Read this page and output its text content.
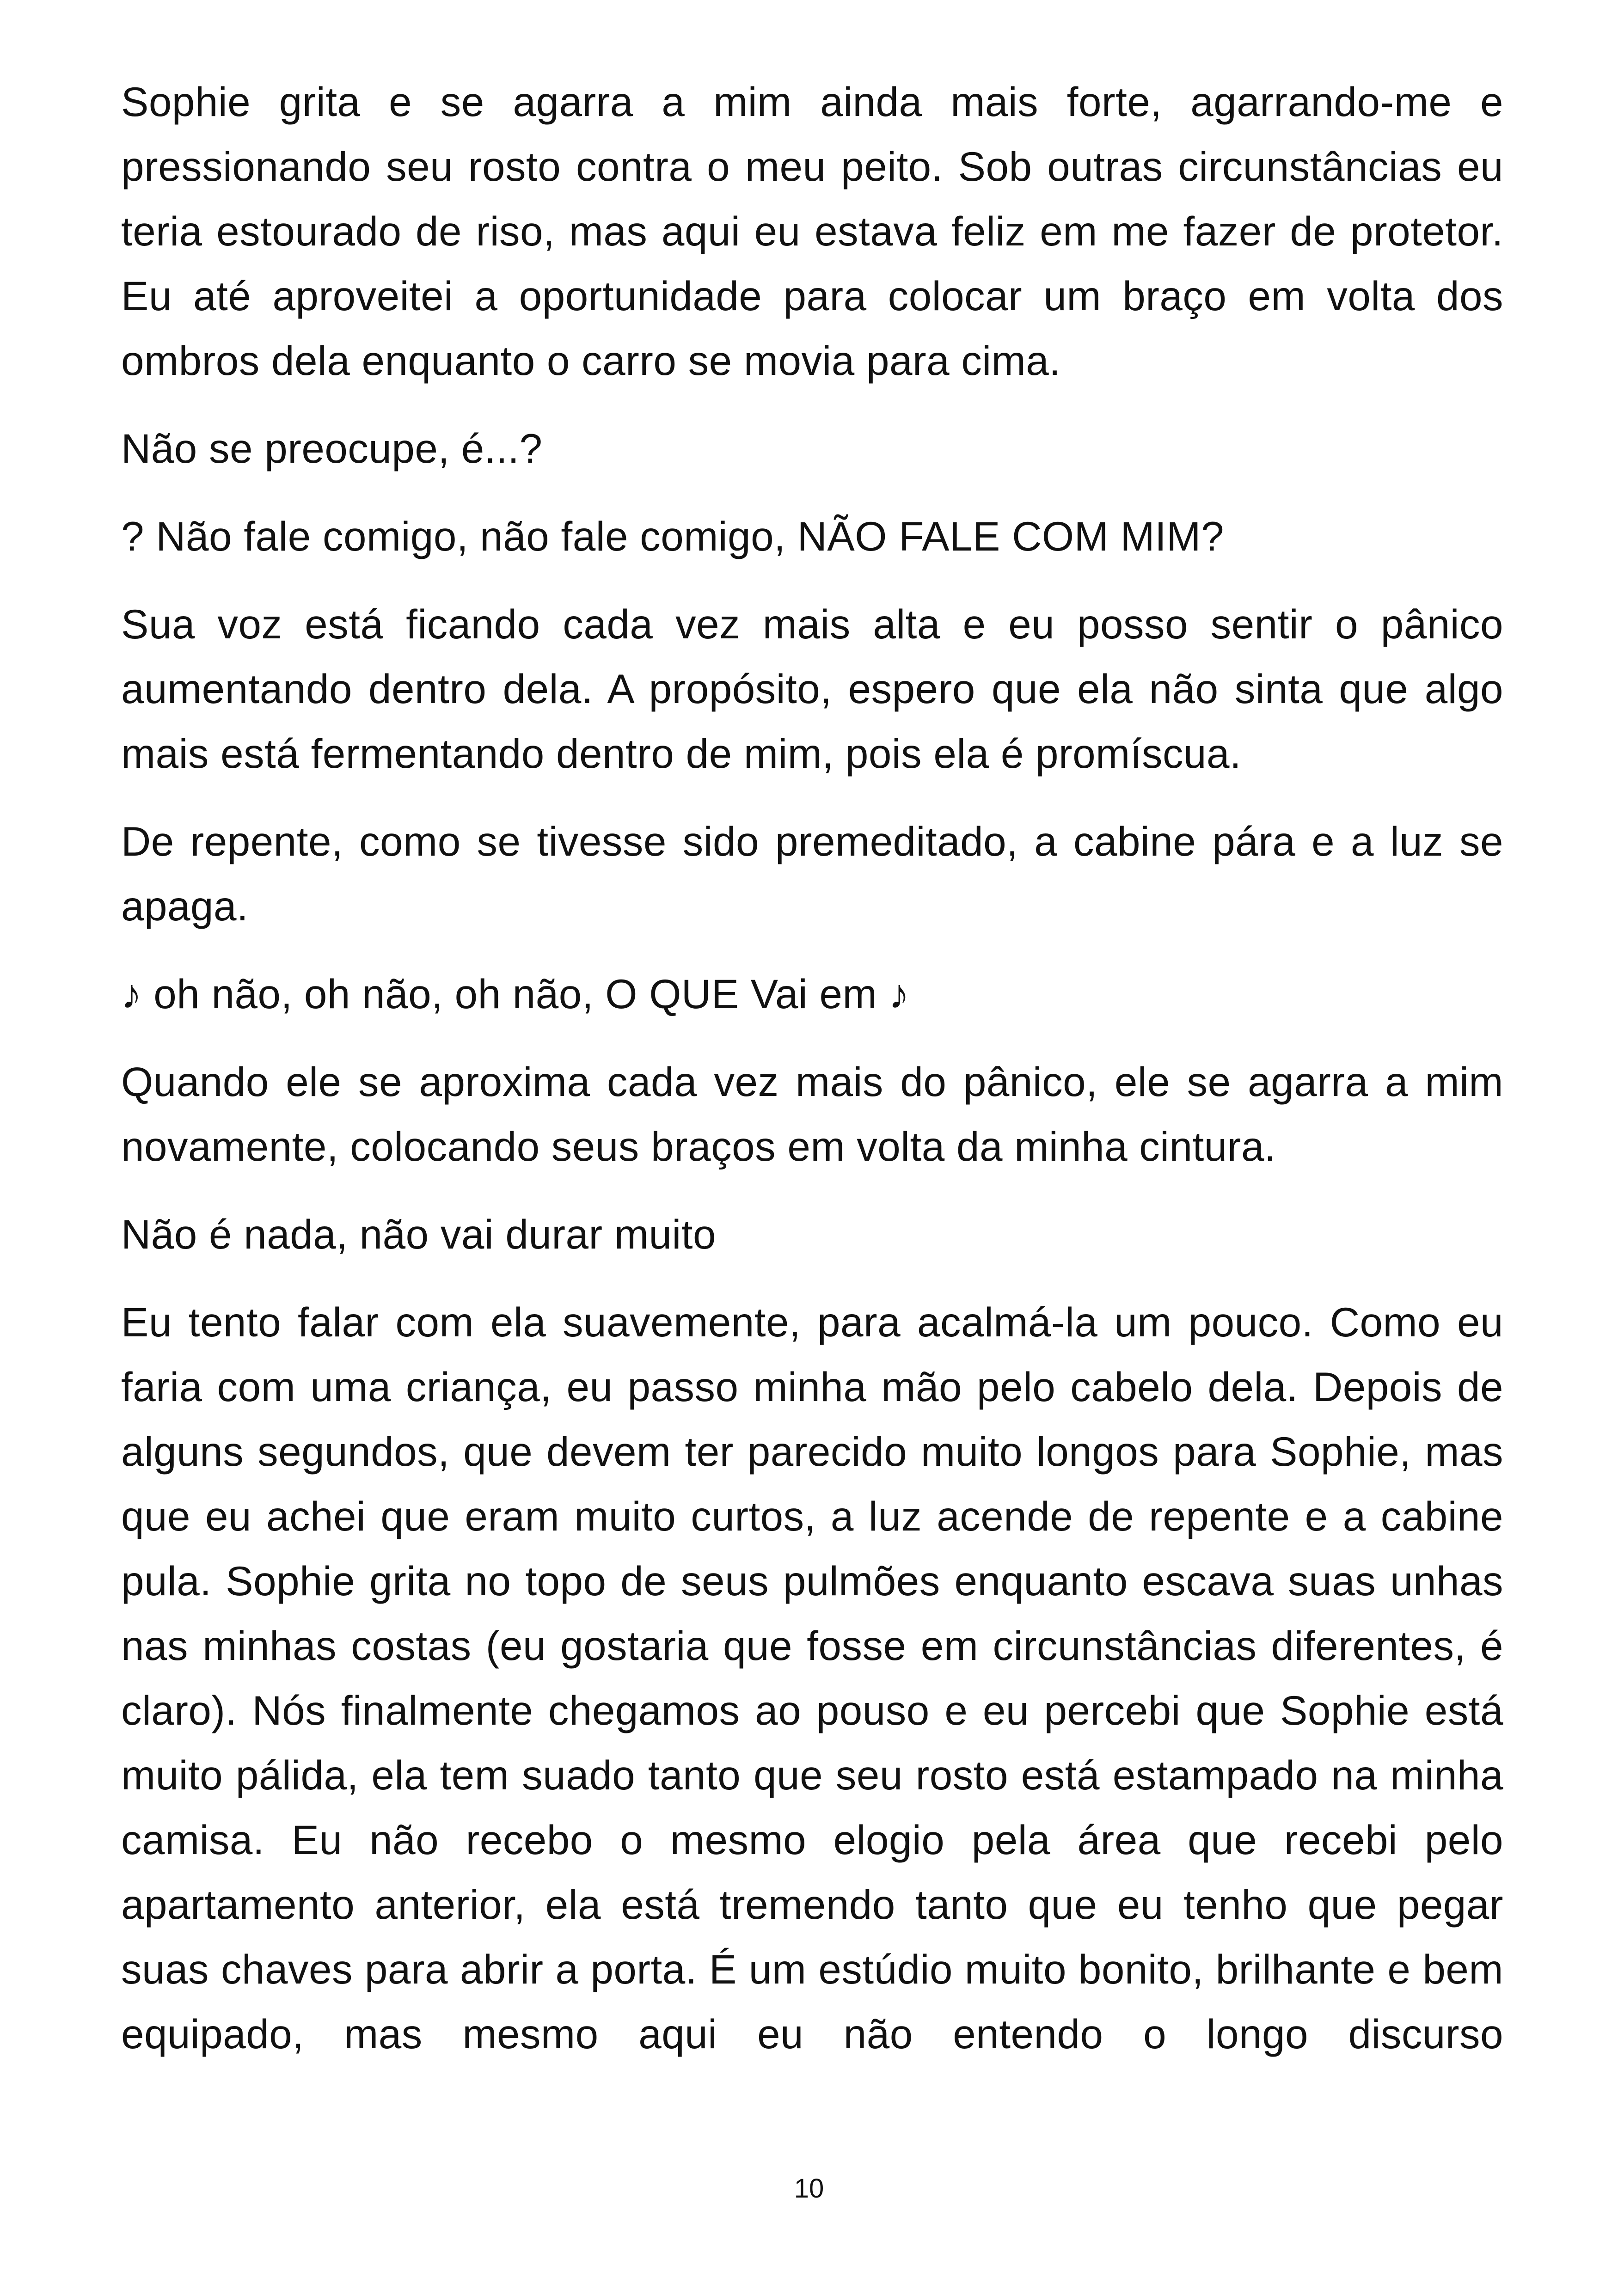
Sophie grita e se agarra a mim ainda mais forte, agarrando-me e pressionando seu rosto contra o meu peito. Sob outras circunstâncias eu teria estourado de riso, mas aqui eu estava feliz em me fazer de protetor. Eu até aproveitei a oportunidade para colocar um braço em volta dos ombros dela enquanto o carro se movia para cima.

Não se preocupe, é...?

? Não fale comigo, não fale comigo, NÃO FALE COM MIM?

Sua voz está ficando cada vez mais alta e eu posso sentir o pânico aumentando dentro dela. A propósito, espero que ela não sinta que algo mais está fermentando dentro de mim, pois ela é promíscua.

De repente, como se tivesse sido premeditado, a cabine pára e a luz se apaga.

♪ oh não, oh não, oh não, O QUE Vai em ♪

Quando ele se aproxima cada vez mais do pânico, ele se agarra a mim novamente, colocando seus braços em volta da minha cintura.

Não é nada, não vai durar muito

Eu tento falar com ela suavemente, para acalmá-la um pouco. Como eu faria com uma criança, eu passo minha mão pelo cabelo dela. Depois de alguns segundos, que devem ter parecido muito longos para Sophie, mas que eu achei que eram muito curtos, a luz acende de repente e a cabine pula. Sophie grita no topo de seus pulmões enquanto escava suas unhas nas minhas costas (eu gostaria que fosse em circunstâncias diferentes, é claro). Nós finalmente chegamos ao pouso e eu percebi que Sophie está muito pálida, ela tem suado tanto que seu rosto está estampado na minha camisa. Eu não recebo o mesmo elogio pela área que recebi pelo apartamento anterior, ela está tremendo tanto que eu tenho que pegar suas chaves para abrir a porta. É um estúdio muito bonito, brilhante e bem equipado, mas mesmo aqui eu não entendo o longo discurso

10
